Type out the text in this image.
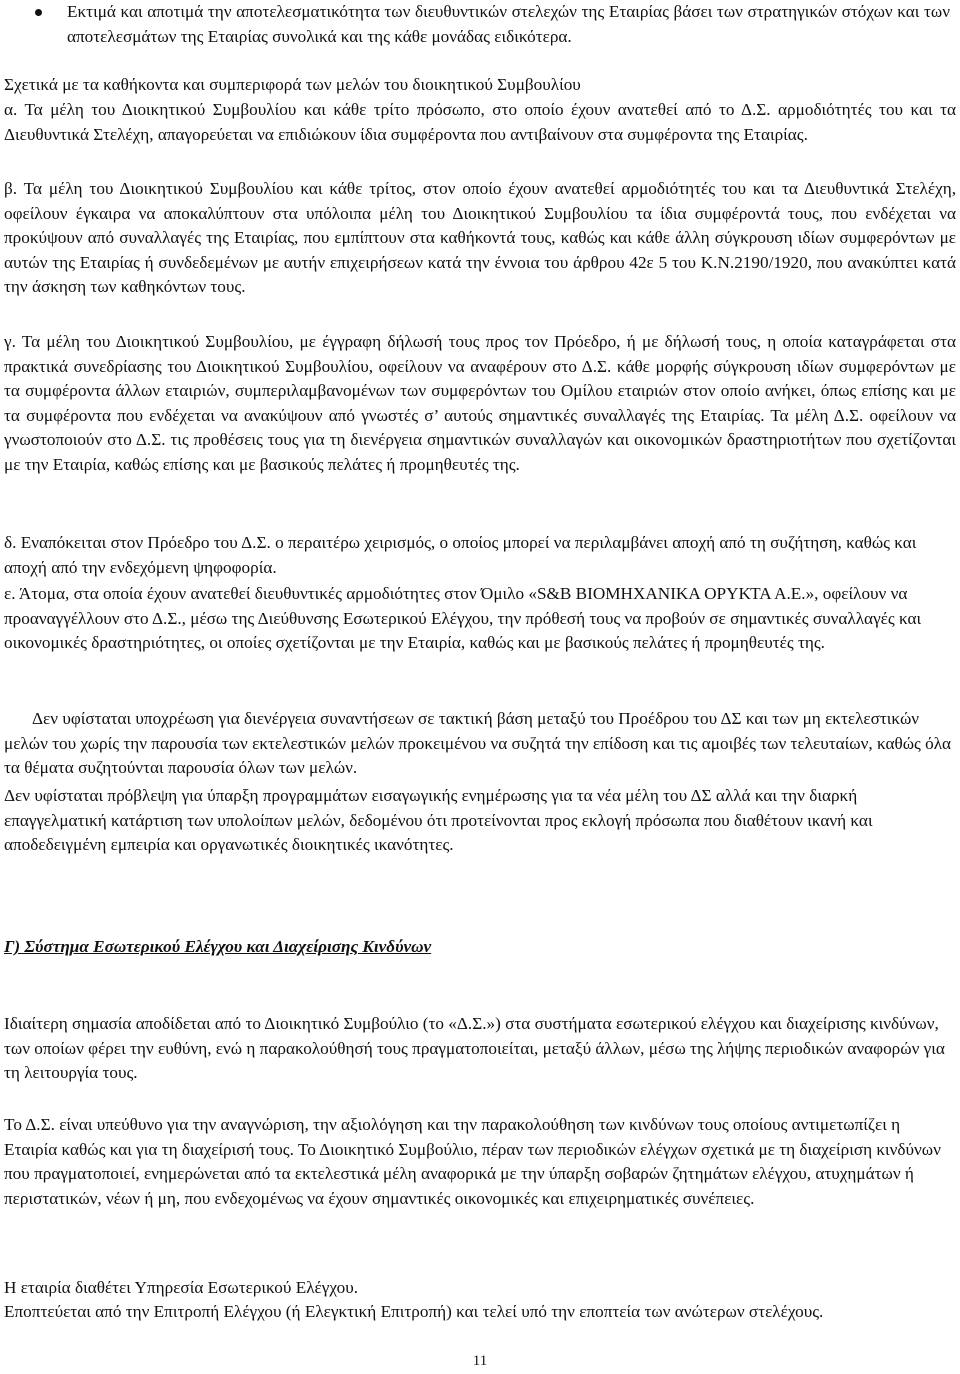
Εκτιμά και αποτιμά την αποτελεσματικότητα των διευθυντικών στελεχών της Εταιρίας βάσει των στρατηγικών στόχων και των αποτελεσμάτων της Εταιρίας συνολικά και της κάθε μονάδας ειδικότερα.

Σχετικά με τα καθήκοντα και συμπεριφορά των μελών του διοικητικού Συμβουλίου

α. Τα μέλη του Διοικητικού Συμβουλίου και κάθε τρίτο πρόσωπο, στο οποίο έχουν ανατεθεί από το Δ.Σ. αρμοδιότητές του και τα Διευθυντικά Στελέχη, απαγορεύεται να επιδιώκουν ίδια συμφέροντα που αντιβαίνουν στα συμφέροντα της Εταιρίας.

β. Τα μέλη του Διοικητικού Συμβουλίου και κάθε τρίτος, στον οποίο έχουν ανατεθεί αρμοδιότητές του και τα Διευθυντικά Στελέχη, οφείλουν έγκαιρα να αποκαλύπτουν στα υπόλοιπα μέλη του Διοικητικού Συμβουλίου τα ίδια συμφέροντά τους, που ενδέχεται να προκύψουν από συναλλαγές της Εταιρίας, που εμπίπτουν στα καθήκοντά τους, καθώς και κάθε άλλη σύγκρουση ιδίων συμφερόντων με αυτών της Εταιρίας ή συνδεδεμένων με αυτήν επιχειρήσεων κατά την έννοια του άρθρου 42ε 5 του Κ.Ν.2190/1920, που ανακύπτει κατά την άσκηση των καθηκόντων τους.

γ. Τα μέλη του Διοικητικού Συμβουλίου, με έγγραφη δήλωσή τους προς τον Πρόεδρο, ή με δήλωσή τους, η οποία καταγράφεται στα πρακτικά συνεδρίασης του Διοικητικού Συμβουλίου, οφείλουν να αναφέρουν στο Δ.Σ. κάθε μορφής σύγκρουση ιδίων συμφερόντων με τα συμφέροντα άλλων εταιριών, συμπεριλαμβανομένων των συμφερόντων του Ομίλου εταιριών στον οποίο ανήκει, όπως επίσης και με τα συμφέροντα που ενδέχεται να ανακύψουν από γνωστές σ’ αυτούς σημαντικές συναλλαγές της Εταιρίας. Τα μέλη Δ.Σ. οφείλουν να γνωστοποιούν στο Δ.Σ. τις προθέσεις τους για τη διενέργεια σημαντικών συναλλαγών και οικονομικών δραστηριοτήτων που σχετίζονται με την Εταιρία, καθώς επίσης και με βασικούς πελάτες ή προμηθευτές της.

δ. Εναπόκειται στον Πρόεδρο του Δ.Σ. ο περαιτέρω χειρισμός, ο οποίος μπορεί να περιλαμβάνει αποχή από τη συζήτηση, καθώς και αποχή από την ενδεχόμενη ψηφοφορία.

ε. Άτομα, στα οποία έχουν ανατεθεί διευθυντικές αρμοδιότητες στον Όμιλο «S&B ΒΙΟΜΗΧΑΝΙΚΑ ΟΡΥΚΤΑ Α.Ε.», οφείλουν να προαναγγέλλουν στο Δ.Σ., μέσω της Διεύθυνσης Εσωτερικού Ελέγχου, την πρόθεσή τους να προβούν σε σημαντικές συναλλαγές και οικονομικές δραστηριότητες, οι οποίες σχετίζονται με την Εταιρία, καθώς και με βασικούς πελάτες ή προμηθευτές της.

Δεν υφίσταται υποχρέωση για διενέργεια συναντήσεων σε τακτική βάση μεταξύ του Προέδρου του ΔΣ και των μη εκτελεστικών μελών του χωρίς την παρουσία των εκτελεστικών μελών προκειμένου να συζητά την επίδοση και τις αμοιβές των τελευταίων, καθώς όλα τα θέματα συζητούνται παρουσία όλων των μελών.

Δεν υφίσταται πρόβλεψη για ύπαρξη προγραμμάτων εισαγωγικής ενημέρωσης για τα νέα μέλη του ΔΣ αλλά και την διαρκή επαγγελματική κατάρτιση των υπολοίπων μελών, δεδομένου ότι προτείνονται προς εκλογή πρόσωπα που διαθέτουν ικανή και αποδεδειγμένη εμπειρία και οργανωτικές διοικητικές ικανότητες.

Γ) Σύστημα Εσωτερικού Ελέγχου και Διαχείρισης Κινδύνων

Ιδιαίτερη σημασία αποδίδεται από το Διοικητικό Συμβούλιο (το «Δ.Σ.») στα συστήματα εσωτερικού ελέγχου και διαχείρισης κινδύνων, των οποίων φέρει την ευθύνη, ενώ η παρακολούθησή τους πραγματοποιείται, μεταξύ άλλων, μέσω της λήψης περιοδικών αναφορών για τη λειτουργία τους.

Το Δ.Σ. είναι υπεύθυνο για την αναγνώριση, την αξιολόγηση και την παρακολούθηση των κινδύνων τους οποίους αντιμετωπίζει η Εταιρία καθώς και για τη διαχείρισή τους. Το Διοικητικό Συμβούλιο, πέραν των περιοδικών ελέγχων σχετικά με τη διαχείριση κινδύνων που πραγματοποιεί, ενημερώνεται από τα εκτελεστικά μέλη αναφορικά με την ύπαρξη σοβαρών ζητημάτων ελέγχου, ατυχημάτων ή περιστατικών, νέων ή μη, που ενδεχομένως να έχουν σημαντικές οικονομικές και επιχειρηματικές συνέπειες.

Η εταιρία διαθέτει Υπηρεσία Εσωτερικού Ελέγχου.

Εποπτεύεται από την Επιτροπή Ελέγχου (ή Ελεγκτική Επιτροπή) και τελεί υπό την εποπτεία των ανώτερων στελέχους.

11
